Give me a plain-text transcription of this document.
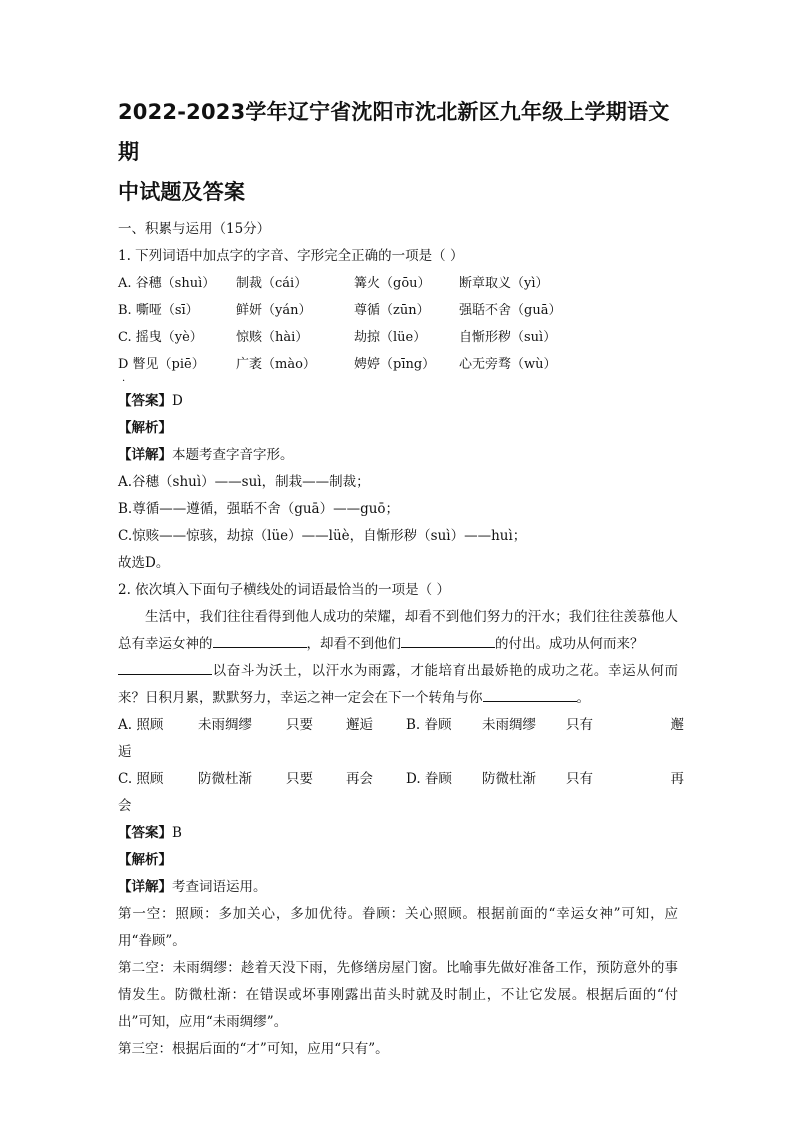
2022-2023学年辽宁省沈阳市沈北新区九年级上学期语文期
中试题及答案
一、积累与运用（15分）
1. 下列词语中加点字的字音、字形完全正确的一项是（ ）
A. 谷穗（shuì）	制裁（cái）	篝火（gōu）	断章取义（yì）
B. 嘶哑（sī）	鲜妍（yán）	尊循（zūn）	强聒不舍（guā）
C. 摇曳（yè）	惊赅（hài）	劫掠（lüe）	自惭形秽（suì）
D 瞥见（piē）	广袤（mào）	娉婷（pīng）	心无旁骛（wù）
·
【答案】D
【解析】
【详解】本题考查字音字形。
A.谷穗（shuì）——suì，制栽——制裁；
B.尊循——遵循，强聒不舍（guā）——guō；
C.惊赅——惊骇，劫掠（lüe）——lüè，自惭形秽（suì）——huì；
故选D。
2. 依次填入下面句子横线处的词语最恰当的一项是（ ）
生活中，我们往往看得到他人成功的荣耀，却看不到他们努力的汗水；我们往往羡慕他人总有幸运女神的	，却看不到他们	的付出。成功从何而来？
以奋斗为沃土，以汗水为雨露，才能培育出最娇艳的成功之花。幸运从何而来？日积月累，默默努力，幸运之神一定会在下一个转角与你	。
A. 照顾	未雨绸缪	只要	邂逅	B. 眷顾	未雨绸缪	只有	邂
逅
C. 照顾	防微杜渐	只要	再会	D. 眷顾	防微杜渐	只有	再
会
【答案】B
【解析】
【详解】考查词语运用。
第一空：照顾：多加关心，多加优待。眷顾：关心照顾。根据前面的“幸运女神”可知，应用“眷顾”。
第二空：未雨绸缪：趁着天没下雨，先修缮房屋门窗。比喻事先做好准备工作，预防意外的事情发生。防微杜渐：在错误或坏事刚露出苗头时就及时制止，不让它发展。根据后面的“付出”可知，应用“未雨绸缪”。
第三空：根据后面的“才”可知，应用“只有”。
